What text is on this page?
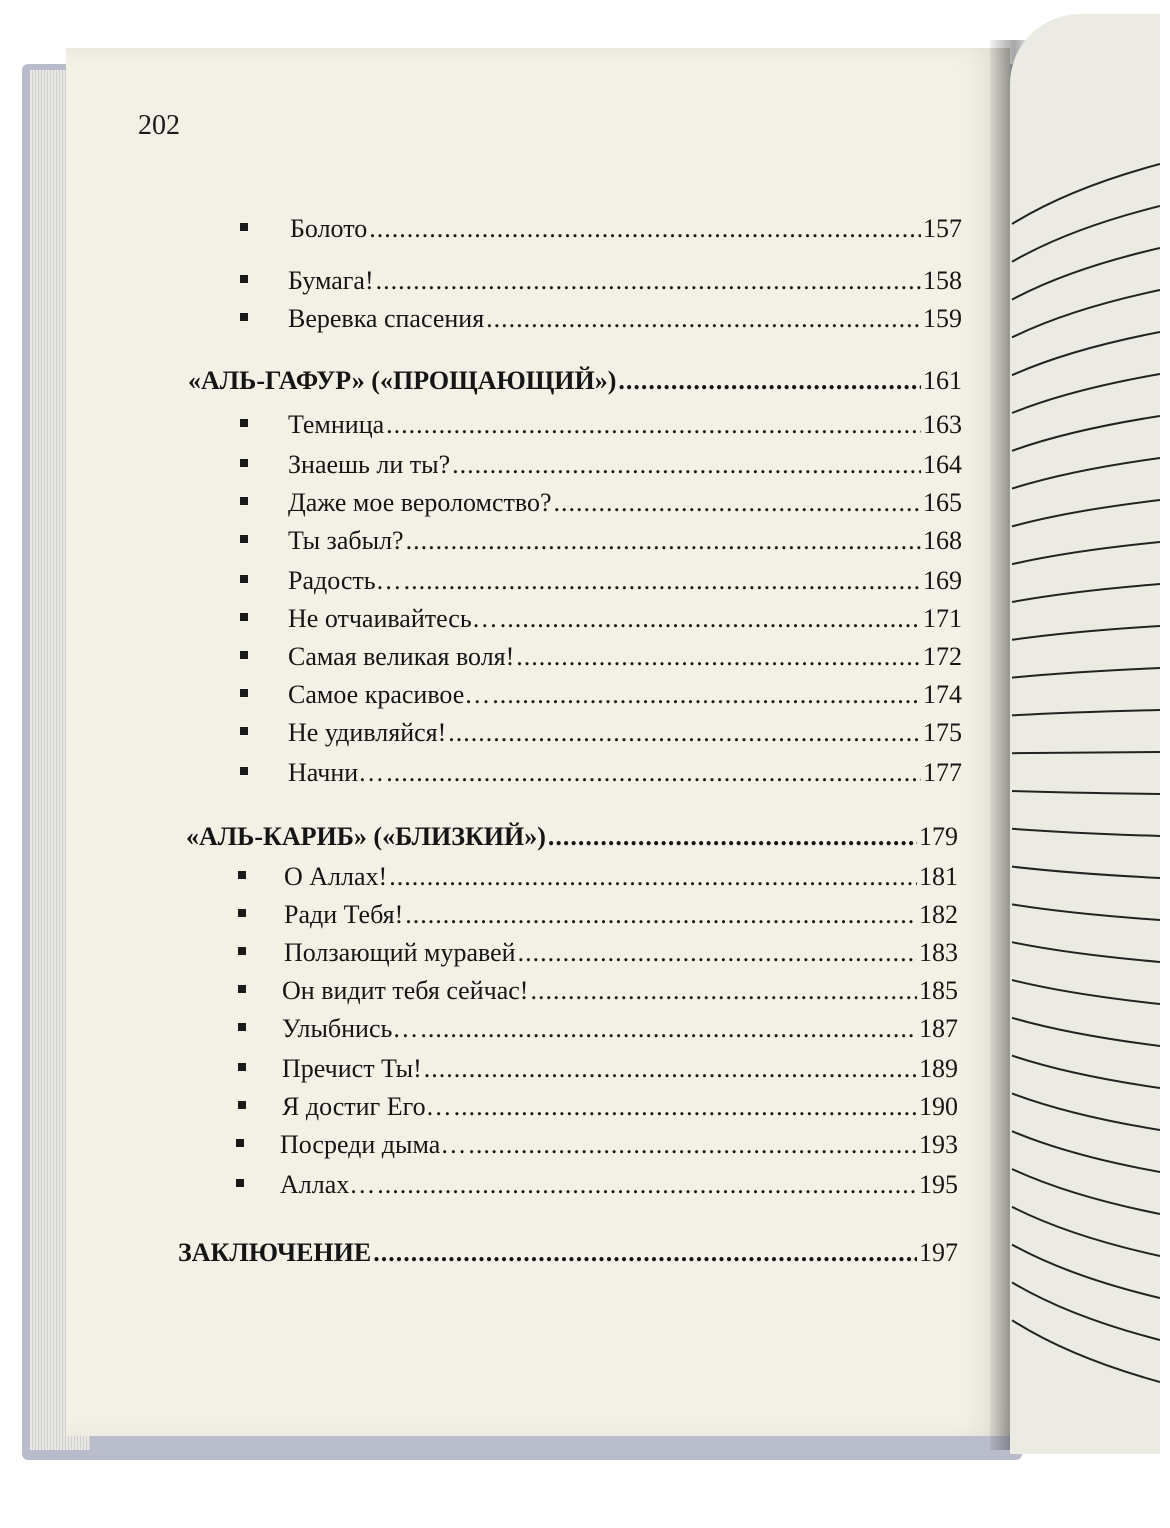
202
Болото .....	157
Бумага! .....	158
Веревка спасения .....	159
«АЛЬ-ГАФУР» («ПРОЩАЮЩИЙ») .....	161
Темница .....	163
Знаешь ли ты? .....	164
Даже мое вероломство? .....	165
Ты забыл? .....	168
Радость… .....	169
Не отчаивайтесь… .....	171
Самая великая воля! .....	172
Самое красивое… .....	174
Не удивляйся! .....	175
Начни… .....	177
«АЛЬ-КАРИБ» («БЛИЗКИЙ») .....	179
О Аллах! .....	181
Ради Тебя! .....	182
Ползающий муравей .....	183
Он видит тебя сейчас! .....	185
Улыбнись… .....	187
Пречист Ты! .....	189
Я достиг Его… .....	190
Посреди дыма… .....	193
Аллах… .....	195
ЗАКЛЮЧЕНИЕ .....	197
